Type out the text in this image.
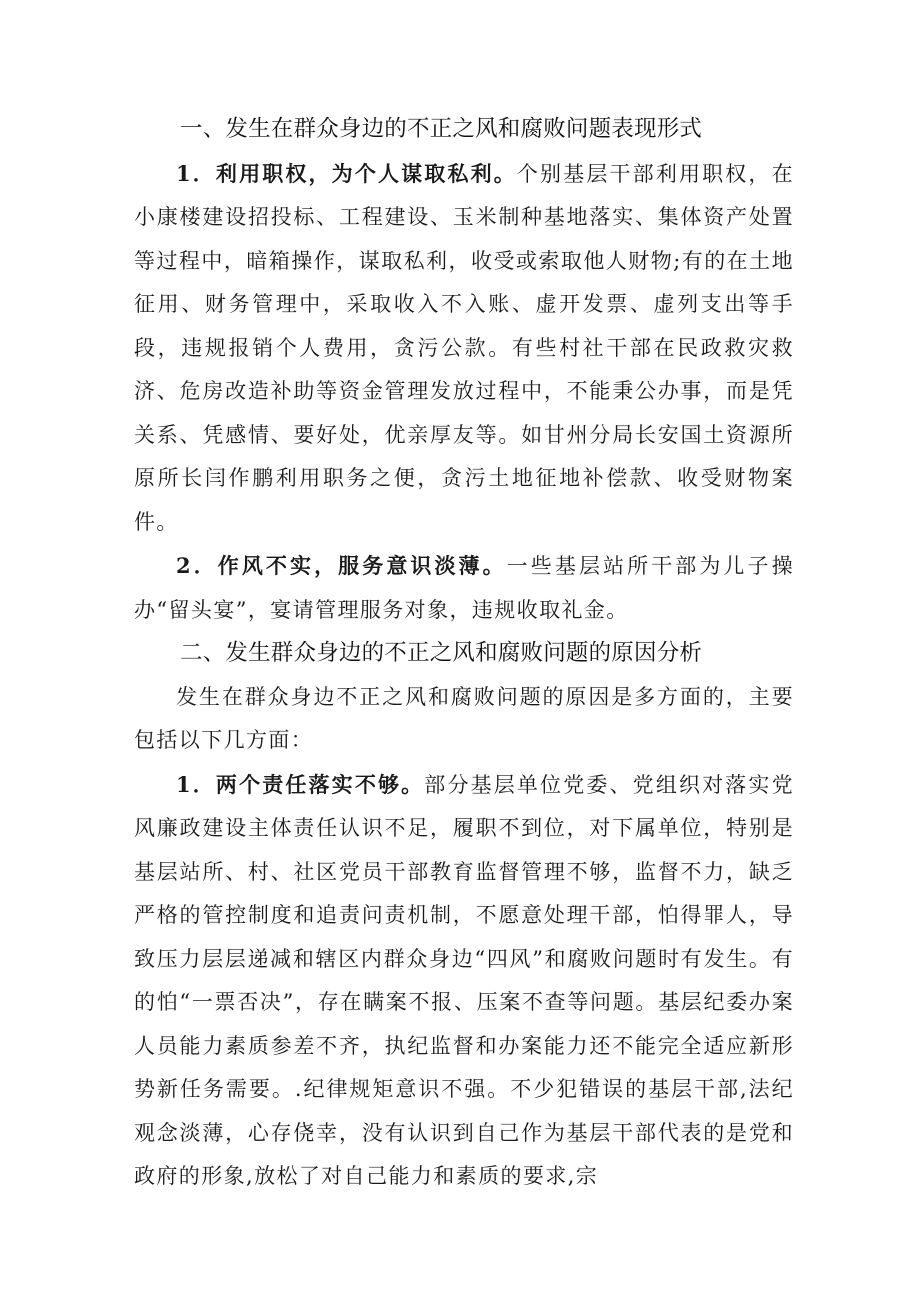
一、发生在群众身边的不正之风和腐败问题表现形式

1．利用职权，为个人谋取私利。个别基层干部利用职权，在小康楼建设招投标、工程建设、玉米制种基地落实、集体资产处置等过程中，暗箱操作，谋取私利，收受或索取他人财物;有的在土地征用、财务管理中，采取收入不入账、虚开发票、虚列支出等手段，违规报销个人费用，贪污公款。有些村社干部在民政救灾救济、危房改造补助等资金管理发放过程中，不能秉公办事，而是凭关系、凭感情、要好处，优亲厚友等。如甘州分局长安国土资源所原所长闫作鹏利用职务之便，贪污土地征地补偿款、收受财物案件。

2．作风不实，服务意识淡薄。一些基层站所干部为儿子操办“留头宴”，宴请管理服务对象，违规收取礼金。

二、发生群众身边的不正之风和腐败问题的原因分析

发生在群众身边不正之风和腐败问题的原因是多方面的，主要包括以下几方面：

1．两个责任落实不够。部分基层单位党委、党组织对落实党风廉政建设主体责任认识不足，履职不到位，对下属单位，特别是基层站所、村、社区党员干部教育监督管理不够，监督不力，缺乏严格的管控制度和追责问责机制，不愿意处理干部，怕得罪人，导致压力层层递减和辖区内群众身边“四风”和腐败问题时有发生。有的怕“一票否决”，存在瞒案不报、压案不查等问题。基层纪委办案人员能力素质参差不齐，执纪监督和办案能力还不能完全适应新形势新任务需要。.纪律规矩意识不强。不少犯错误的基层干部,法纪观念淡薄，心存侥幸，没有认识到自己作为基层干部代表的是党和政府的形象,放松了对自己能力和素质的要求,宗
